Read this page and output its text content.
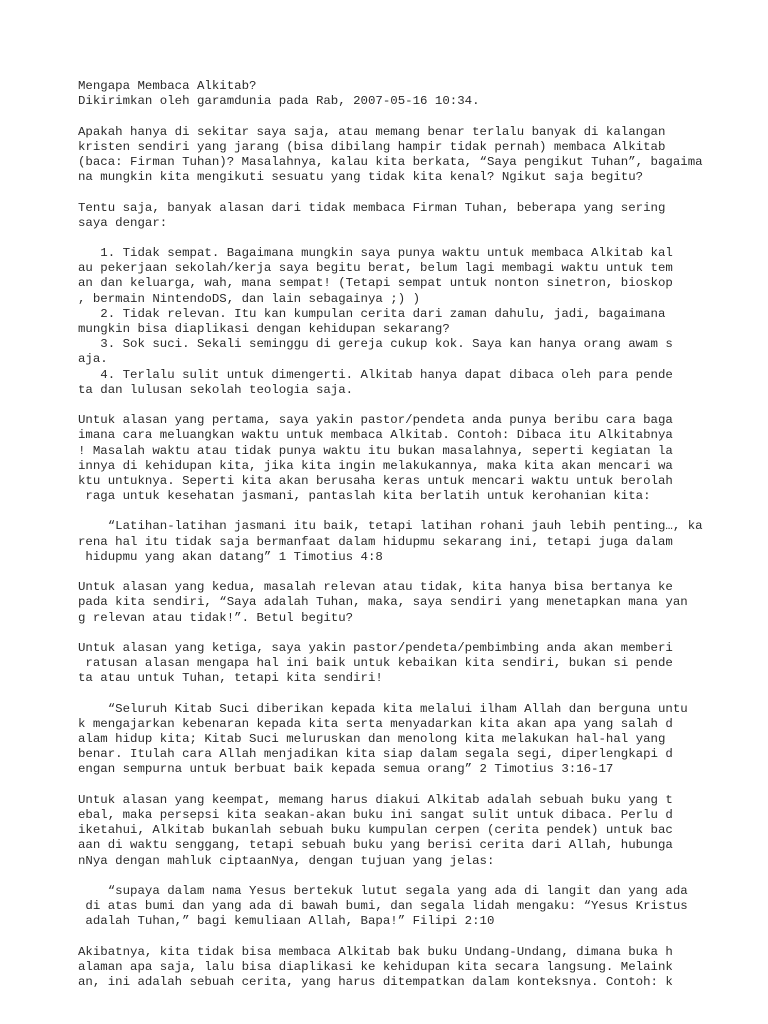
Mengapa Membaca Alkitab?
Dikirimkan oleh garamdunia pada Rab, 2007-05-16 10:34.
Apakah hanya di sekitar saya saja, atau memang benar terlalu banyak di kalangan
kristen sendiri yang jarang (bisa dibilang hampir tidak pernah) membaca Alkitab
(baca: Firman Tuhan)? Masalahnya, kalau kita berkata, “Saya pengikut Tuhan”, bagaima
na mungkin kita mengikuti sesuatu yang tidak kita kenal? Ngikut saja begitu?
Tentu saja, banyak alasan dari tidak membaca Firman Tuhan, beberapa yang sering
saya dengar:
1. Tidak sempat. Bagaimana mungkin saya punya waktu untuk membaca Alkitab kal
au pekerjaan sekolah/kerja saya begitu berat, belum lagi membagi waktu untuk tem
an dan keluarga, wah, mana sempat! (Tetapi sempat untuk nonton sinetron, bioskop
, bermain NintendoDS, dan lain sebagainya ;) )
2. Tidak relevan. Itu kan kumpulan cerita dari zaman dahulu, jadi, bagaimana
mungkin bisa diaplikasi dengan kehidupan sekarang?
3. Sok suci. Sekali seminggu di gereja cukup kok. Saya kan hanya orang awam s
aja.
4. Terlalu sulit untuk dimengerti. Alkitab hanya dapat dibaca oleh para pende
ta dan lulusan sekolah teologia saja.
Untuk alasan yang pertama, saya yakin pastor/pendeta anda punya beribu cara baga
imana cara meluangkan waktu untuk membaca Alkitab. Contoh: Dibaca itu Alkitabnya
! Masalah waktu atau tidak punya waktu itu bukan masalahnya, seperti kegiatan la
innya di kehidupan kita, jika kita ingin melakukannya, maka kita akan mencari wa
ktu untuknya. Seperti kita akan berusaha keras untuk mencari waktu untuk berolah
raga untuk kesehatan jasmani, pantaslah kita berlatih untuk kerohanian kita:
“Latihan-latihan jasmani itu baik, tetapi latihan rohani jauh lebih penting…, ka
rena hal itu tidak saja bermanfaat dalam hidupmu sekarang ini, tetapi juga dalam
hidupmu yang akan datang” 1 Timotius 4:8
Untuk alasan yang kedua, masalah relevan atau tidak, kita hanya bisa bertanya ke
pada kita sendiri, “Saya adalah Tuhan, maka, saya sendiri yang menetapkan mana yan
g relevan atau tidak!”. Betul begitu?
Untuk alasan yang ketiga, saya yakin pastor/pendeta/pembimbing anda akan memberi
ratusan alasan mengapa hal ini baik untuk kebaikan kita sendiri, bukan si pende
ta atau untuk Tuhan, tetapi kita sendiri!
“Seluruh Kitab Suci diberikan kepada kita melalui ilham Allah dan berguna untu
k mengajarkan kebenaran kepada kita serta menyadarkan kita akan apa yang salah d
alam hidup kita; Kitab Suci meluruskan dan menolong kita melakukan hal-hal yang
benar. Itulah cara Allah menjadikan kita siap dalam segala segi, diperlengkapi d
engan sempurna untuk berbuat baik kepada semua orang” 2 Timotius 3:16-17
Untuk alasan yang keempat, memang harus diakui Alkitab adalah sebuah buku yang t
ebal, maka persepsi kita seakan-akan buku ini sangat sulit untuk dibaca. Perlu d
iketahui, Alkitab bukanlah sebuah buku kumpulan cerpen (cerita pendek) untuk bac
aan di waktu senggang, tetapi sebuah buku yang berisi cerita dari Allah, hubunga
nNya dengan mahluk ciptaanNya, dengan tujuan yang jelas:
“supaya dalam nama Yesus bertekuk lutut segala yang ada di langit dan yang ada
di atas bumi dan yang ada di bawah bumi, dan segala lidah mengaku: “Yesus Kristus
adalah Tuhan,” bagi kemuliaan Allah, Bapa!” Filipi 2:10
Akibatnya, kita tidak bisa membaca Alkitab bak buku Undang-Undang, dimana buka h
alaman apa saja, lalu bisa diaplikasi ke kehidupan kita secara langsung. Melaink
an, ini adalah sebuah cerita, yang harus ditempatkan dalam konteksnya. Contoh: k
